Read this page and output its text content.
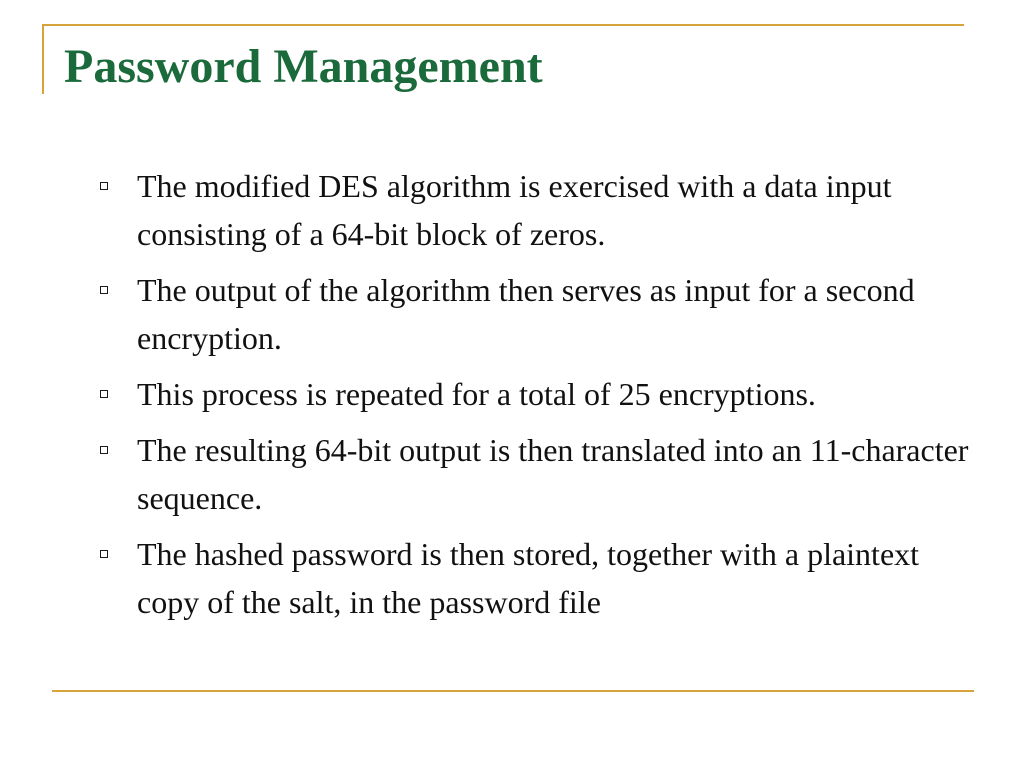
Password Management
The modified DES algorithm is exercised with a data input consisting of a 64-bit block of zeros.
The output of the algorithm then serves as input for a second encryption.
This process is repeated for a total of 25 encryptions.
The resulting 64-bit output is then translated into an 11-character sequence.
The hashed password is then stored, together with a plaintext copy of the salt, in the password file
